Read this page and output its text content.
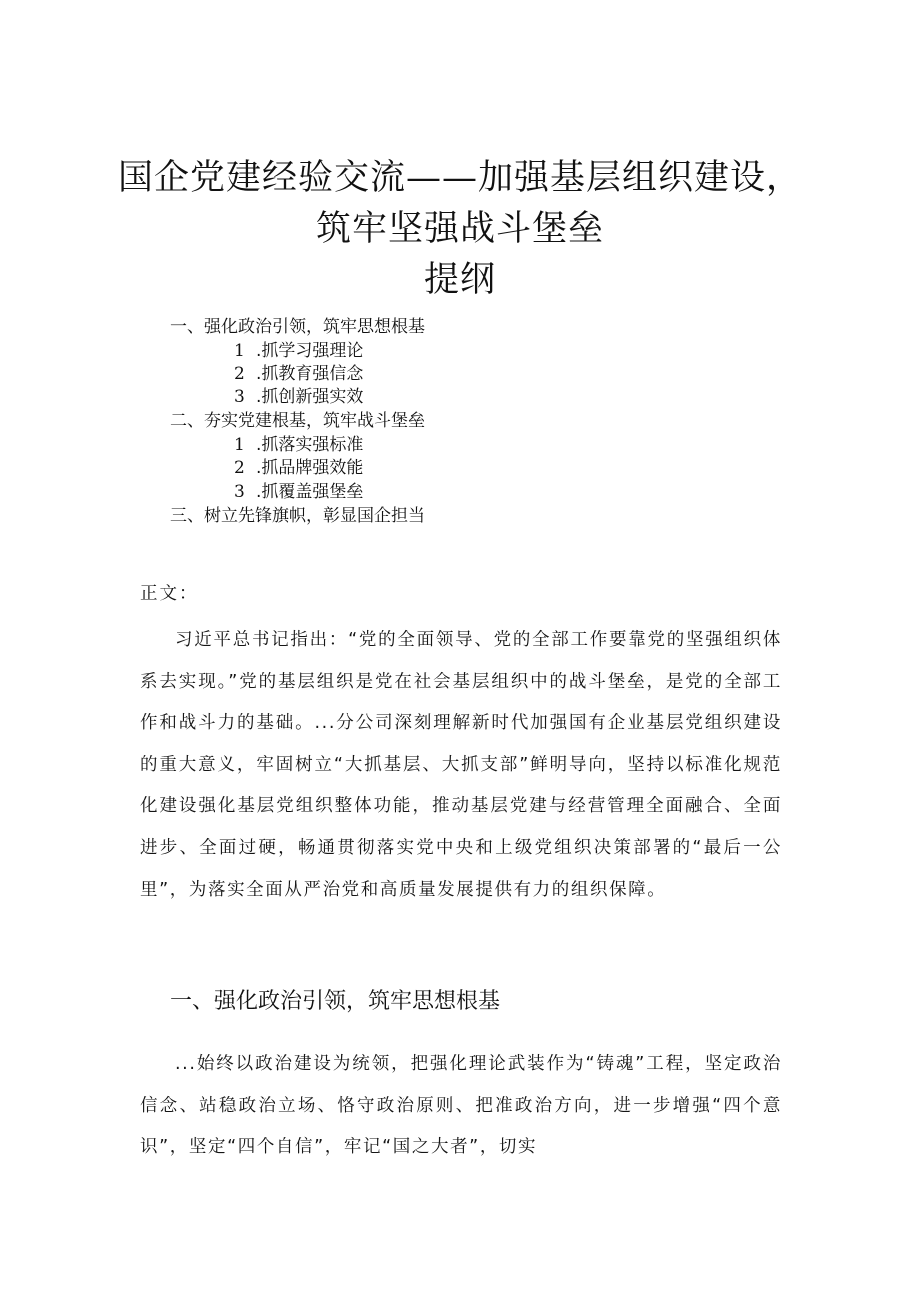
国企党建经验交流——加强基层组织建设，
筑牢坚强战斗堡垒
提纲
一、强化政治引领，筑牢思想根基
1 .抓学习强理论
2 .抓教育强信念
3 .抓创新强实效
二、夯实党建根基，筑牢战斗堡垒
1 .抓落实强标准
2 .抓品牌强效能
3 .抓覆盖强堡垒
三、树立先锋旗帜，彰显国企担当
正文：

习近平总书记指出：“党的全面领导、党的全部工作要靠党的坚强组织体系去实现。”党的基层组织是党在社会基层组织中的战斗堡垒，是党的全部工作和战斗力的基础。...分公司深刻理解新时代加强国有企业基层党组织建设的重大意义，牢固树立“大抓基层、大抓支部”鲜明导向，坚持以标准化规范化建设强化基层党组织整体功能，推动基层党建与经营管理全面融合、全面进步、全面过硬，畅通贯彻落实党中央和上级党组织决策部署的“最后一公里”，为落实全面从严治党和高质量发展提供有力的组织保障。

一、强化政治引领，筑牢思想根基

...始终以政治建设为统领，把强化理论武装作为“铸魂”工程，坚定政治信念、站稳政治立场、恪守政治原则、把准政治方向，进一步增强“四个意识”，坚定“四个自信”，牢记“国之大者”，切实
